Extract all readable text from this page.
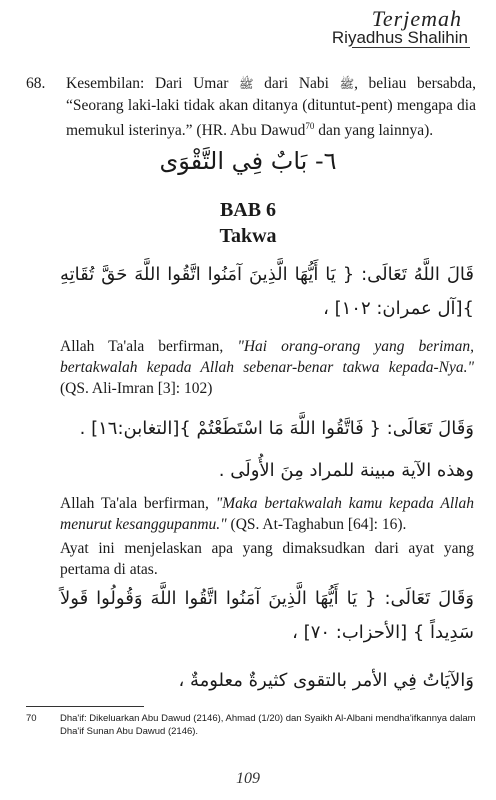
Terjemah
Riyadhus Shalihin
68. Kesembilan: Dari Umar ﷺ dari Nabi ﷺ, beliau bersabda, “Seorang laki-laki tidak akan ditanya (dituntut-pent) mengapa dia memukul isterinya.” (HR. Abu Dawud$^{70}$ dan yang lainnya).
٦- بَابٌ فِي التَّقْوَى
BAB 6
Takwa
قَالَ اللَّهُ تَعَالَى: { يَا أَيُّهَا الَّذِينَ آمَنُوا اتَّقُوا اللَّهَ حَقَّ تُقَاتِهِ }[آل عمران: ١٠٢] ،
Allah Ta'ala berfirman, "Hai orang-orang yang beriman, bertakwalah kepada Allah sebenar-benar takwa kepada-Nya." (QS. Ali-Imran [3]: 102)
وَقَالَ تَعَالَى: { فَاتَّقُوا اللَّهَ مَا اسْتَطَعْتُمْ }[التغابن:١٦] .
وهذه الآية مبينة للمراد مِنَ الأُولَى .
Allah Ta'ala berfirman, "Maka bertakwalah kamu kepada Allah menurut kesanggupanmu." (QS. At-Taghabun [64]: 16).
Ayat ini menjelaskan apa yang dimaksudkan dari ayat yang pertama di atas.
وَقَالَ تَعَالَى: { يَا أَيُّهَا الَّذِينَ آمَنُوا اتَّقُوا اللَّهَ وَقُولُوا قَولاً سَدِيداً } [الأحزاب: ٧٠] ،
وَالآيَاتُ فِي الأمر بالتقوى كثيرةٌ معلومةٌ ،
70 Dha'if: Dikeluarkan Abu Dawud (2146), Ahmad (1/20) dan Syaikh Al-Albani mendha'ifkannya dalam Dha'if Sunan Abu Dawud (2146).
109
